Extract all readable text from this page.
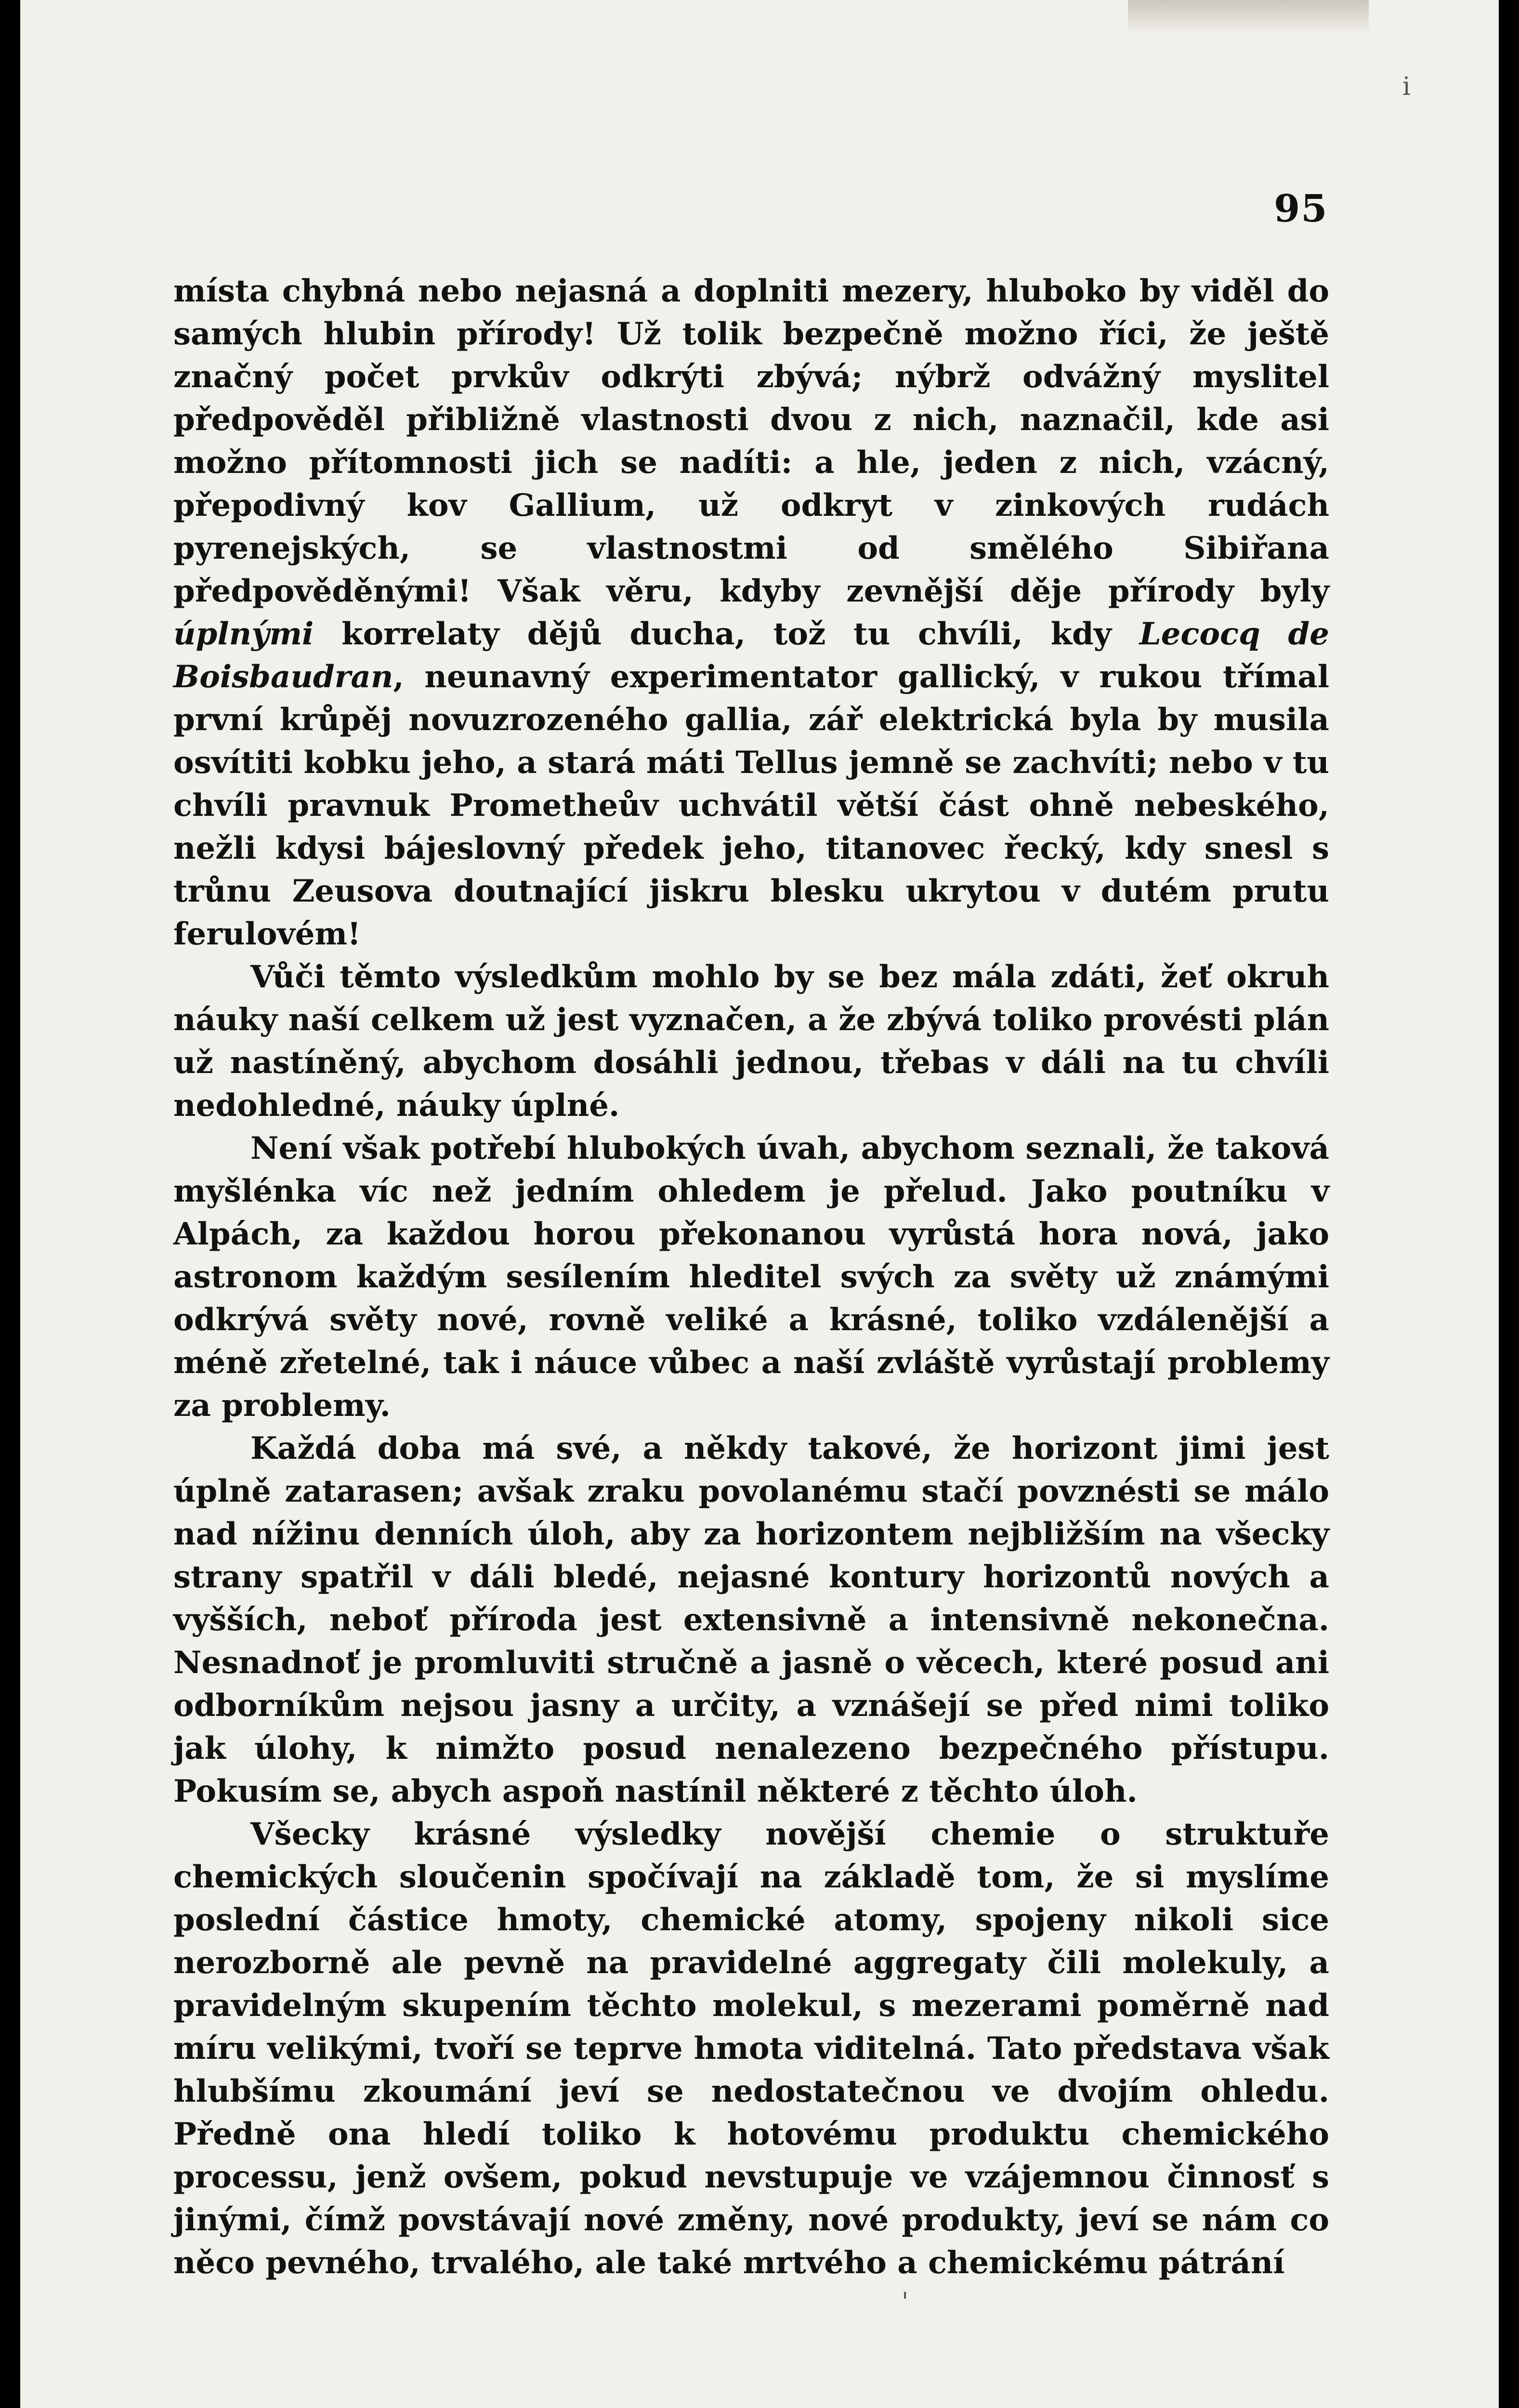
i
95

místa chybná nebo nejasná a doplniti mezery, hluboko by viděl do samých hlubin přírody! Už tolik bezpečně možno říci, že ještě značný počet prvkův odkrýti zbývá; nýbrž odvážný myslitel předpověděl přibližně vlastnosti dvou z nich, naznačil, kde asi možno přítomnosti jich se nadíti: a hle, jeden z nich, vzácný, přepodivný kov Gallium, už odkryt v zinkových rudách pyrenejských, se vlastnostmi od smělého Sibiřana předpověděnými! Však věru, kdyby zevnější děje přírody byly úplnými korrelaty dějů ducha, tož tu chvíli, kdy Lecocq de Boisbaudran, neunavný experimentator gallický, v rukou třímal první krůpěj novuzrozeného gallia, zář elektrická byla by musila osvítiti kobku jeho, a stará máti Tellus jemně se zachvíti; nebo v tu chvíli pravnuk Prometheův uchvátil větší část ohně nebeského, nežli kdysi bájeslovný předek jeho, titanovec řecký, kdy snesl s trůnu Zeusova doutnající jiskru blesku ukrytou v dutém prutu ferulovém!

Vůči těmto výsledkům mohlo by se bez mála zdáti, žeť okruh náuky naší celkem už jest vyznačen, a že zbývá toliko provésti plán už nastíněný, abychom dosáhli jednou, třebas v dáli na tu chvíli nedohledné, náuky úplné.

Není však potřebí hlubokých úvah, abychom seznali, že taková myšlénka víc než jedním ohledem je přelud. Jako poutníku v Alpách, za každou horou překonanou vyrůstá hora nová, jako astronom každým sesílením hleditel svých za světy už známými odkrývá světy nové, rovně veliké a krásné, toliko vzdálenější a méně zřetelné, tak i náuce vůbec a naší zvláště vyrůstají problemy za problemy.

Každá doba má své, a někdy takové, že horizont jimi jest úplně zatarasen; avšak zraku povolanému stačí povznésti se málo nad nížinu denních úloh, aby za horizontem nejbližším na všecky strany spatřil v dáli bledé, nejasné kontury horizontů nových a vyšších, neboť příroda jest extensivně a intensivně nekonečna. Nesnadnoť je promluviti stručně a jasně o věcech, které posud ani odborníkům nejsou jasny a určity, a vznášejí se před nimi toliko jak úlohy, k nimžto posud nenalezeno bezpečného přístupu. Pokusím se, abych aspoň nastínil některé z těchto úloh.

Všecky krásné výsledky novější chemie o struktuře chemických sloučenin spočívají na základě tom, že si myslíme poslední částice hmoty, chemické atomy, spojeny nikoli sice nerozborně ale pevně na pravidelné aggregaty čili molekuly, a pravidelným skupením těchto molekul, s mezerami poměrně nad míru velikými, tvoří se teprve hmota viditelná. Tato představa však hlubšímu zkoumání jeví se nedostatečnou ve dvojím ohledu. Předně ona hledí toliko k hotovému produktu chemického processu, jenž ovšem, pokud nevstupuje ve vzájemnou činnosť s jinými, čímž povstávají nové změny, nové produkty, jeví se nám co něco pevného, trvalého, ale také mrtvého a chemickému pátrání

'
